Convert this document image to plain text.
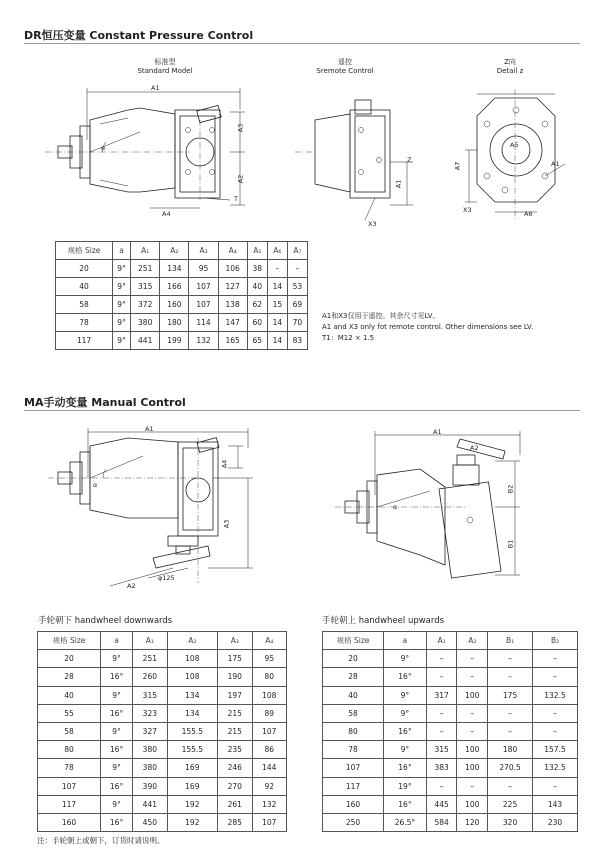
DR恒压变量 Constant Pressure Control
标准型
Standard Model
遥控
Sremote Control
Z向
Detail z
A1
A3
A2
α
T
A4
Z
A1
X3
A5
A1
A7
X3	A6
规格 Size	a	A₁	A₂	A₃	A₄	A₅	A₆	A₇
20	9°	251	134	95	106	38	–	–
40	9°	315	166	107	127	40	14	53
58	9°	372	160	107	138	62	15	69
78	9°	380	180	114	147	60	14	70
117	9°	441	199	132	165	65	14	83
A1和X3仅用于遥控。其余尺寸见LV。
A1 and X3 only fot remote control. Other dimensions see LV.
T1：M12 × 1.5
MA手动变量 Manual Control
A1
A4
A3
α
φ125
A2
A1
A2
B2
B1
α
手轮朝下 handwheel downwards	手轮朝上 handwheel upwards
规格 Size	a	A₁	A₂	A₃	A₄
20	9°	251	108	175	95
28	16°	260	108	190	80
40	9°	315	134	197	108
55	16°	323	134	215	89
58	9°	327	155.5	215	107
80	16°	380	155.5	235	86
78	9°	380	169	246	144
107	16°	390	169	270	92
117	9°	441	192	261	132
160	16°	450	192	285	107
规格 Size	a	A₁	A₂	B₁	B₂
20	9°	–	–	–	–
28	16°	–	–	–	–
40	9°	317	100	175	132.5
58	9°	–	–	–	–
80	16°	–	–	–	–
78	9°	315	100	180	157.5
107	16°	383	100	270.5	132.5
117	19°	–	–	–	–
160	16°	445	100	225	143
250	26.5°	584	120	320	230
注：手轮朝上或朝下，订货时请说明。
